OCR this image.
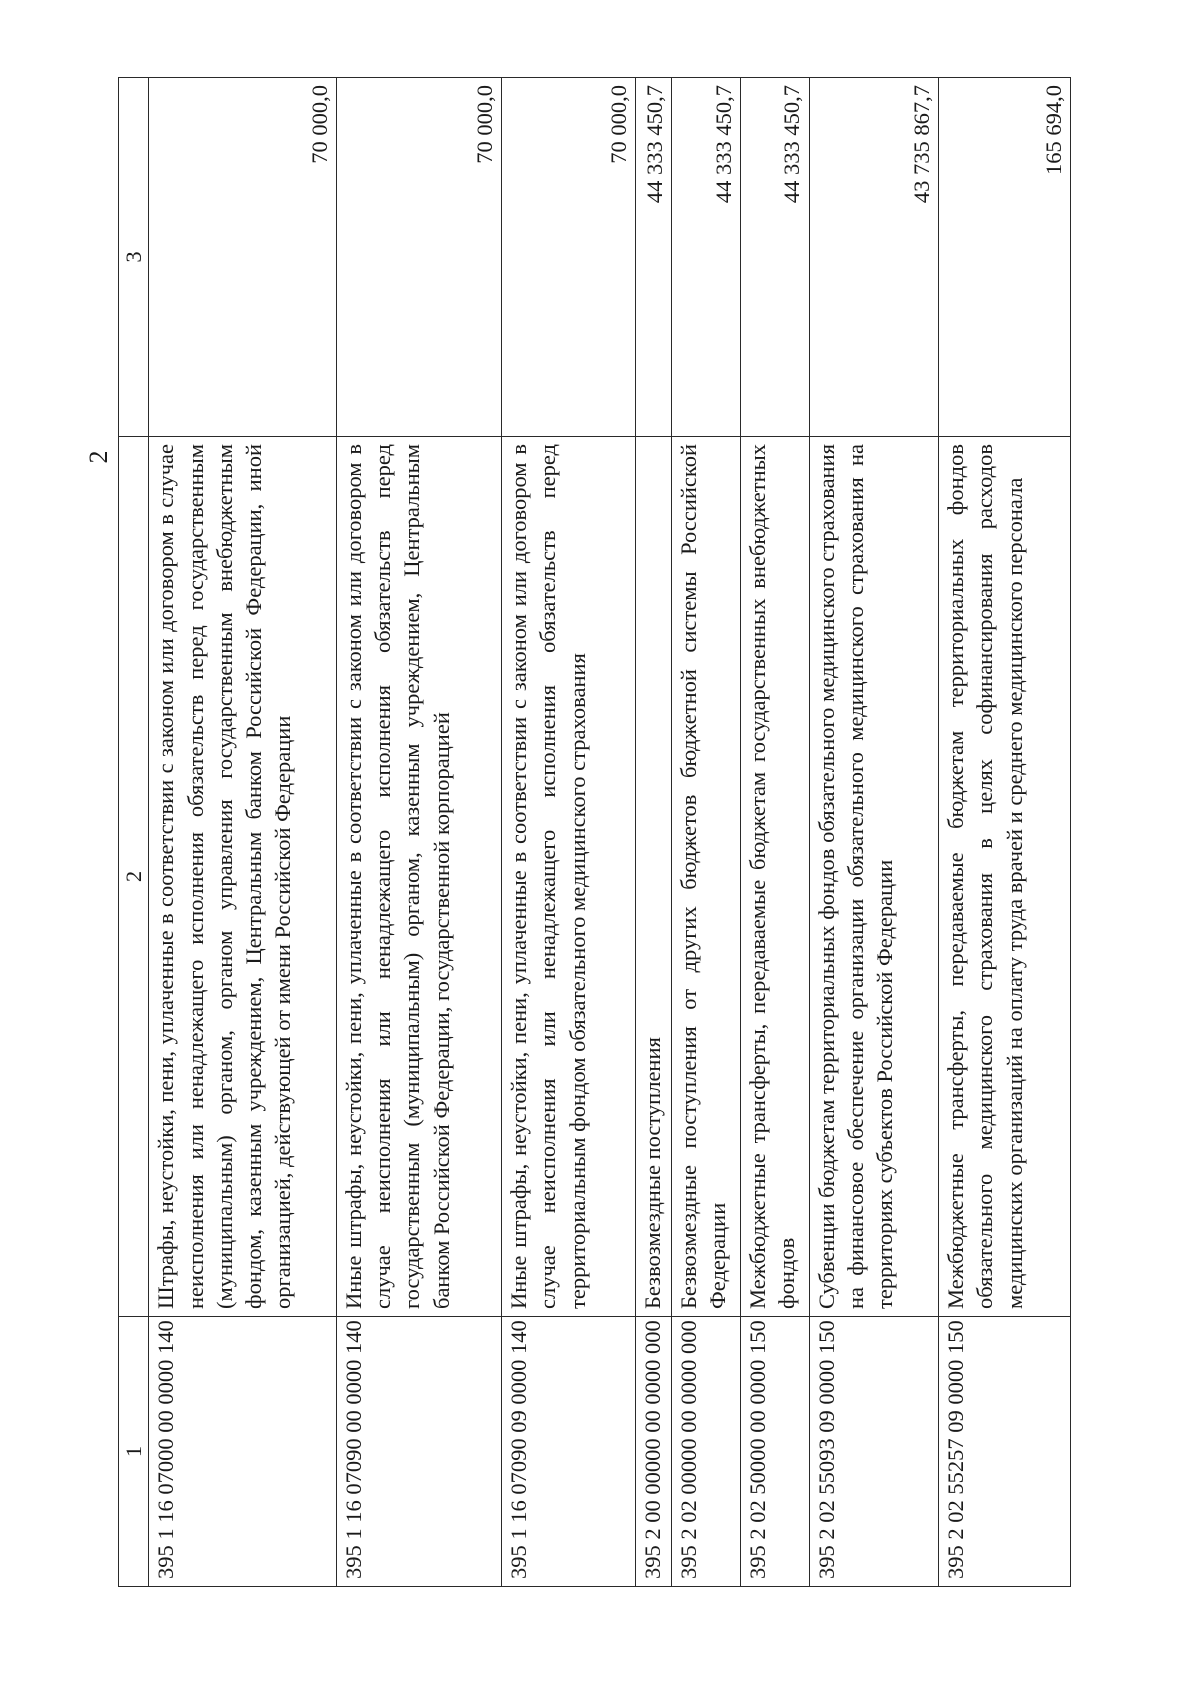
2
1	2	3
395 1 16 07000 00 0000 140	Штрафы, неустойки, пени, уплаченные в соответствии с законом или договором в случае неисполнения или ненадлежащего исполнения обязательств перед государственным (муниципальным) органом, органом управления государственным внебюджетным фондом, казенным учреждением, Центральным банком Российской Федерации, иной организацией, действующей от имени Российской Федерации	70 000,0
395 1 16 07090 00 0000 140	Иные штрафы, неустойки, пени, уплаченные в соответствии с законом или договором в случае неисполнения или ненадлежащего исполнения обязательств перед государственным (муниципальным) органом, казенным учреждением, Центральным банком Российской Федерации, государственной корпорацией	70 000,0
395 1 16 07090 09 0000 140	Иные штрафы, неустойки, пени, уплаченные в соответствии с законом или договором в случае неисполнения или ненадлежащего исполнения обязательств перед территориальным фондом обязательного медицинского страхования	70 000,0
395 2 00 00000 00 0000 000	Безвозмездные поступления	44 333 450,7
395 2 02 00000 00 0000 000	Безвозмездные поступления от других бюджетов бюджетной системы Российской Федерации	44 333 450,7
395 2 02 50000 00 0000 150	Межбюджетные трансферты, передаваемые бюджетам государственных внебюджетных фондов	44 333 450,7
395 2 02 55093 09 0000 150	Субвенции бюджетам территориальных фондов обязательного медицинского страхования на финансовое обеспечение организации обязательного медицинского страхования на территориях субъектов Российской Федерации	43 735 867,7
395 2 02 55257 09 0000 150	Межбюджетные трансферты, передаваемые бюджетам территориальных фондов обязательного медицинского страхования в целях софинансирования расходов медицинских организаций на оплату труда врачей и среднего медицинского персонала	165 694,0
